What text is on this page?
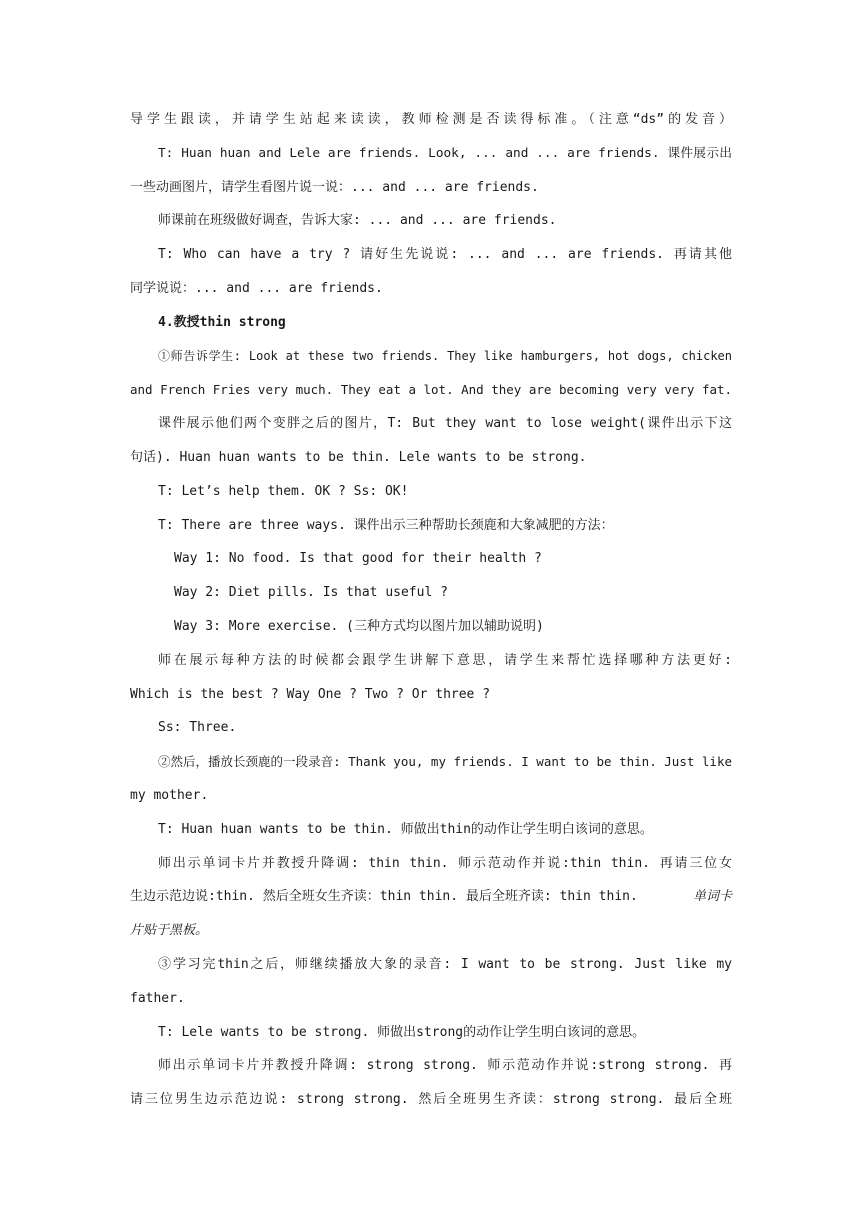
导学生跟读，并请学生站起来读读，教师检测是否读得标准。（注意“ds”的发音）
T: Huan huan and Lele are friends. Look, ... and ... are friends. 课件展示出
一些动画图片，请学生看图片说一说：... and ... are friends.
师课前在班级做好调查，告诉大家: ... and ... are friends.
T: Who can have a try ? 请好生先说说: ... and ... are friends. 再请其他
同学说说：... and ... are friends.
4.教授thin strong
①师告诉学生: Look at these two friends. They like hamburgers, hot dogs, chicken
and French Fries very much. They eat a lot. And they are becoming very very fat.
课件展示他们两个变胖之后的图片，T: But they want to lose weight(课件出示下这
句话). Huan huan wants to be thin. Lele wants to be strong.
T: Let’s help them. OK ? Ss: OK!
T: There are three ways. 课件出示三种帮助长颈鹿和大象减肥的方法：
Way 1: No food. Is that good for their health ?
Way 2: Diet pills. Is that useful ?
Way 3: More exercise. (三种方式均以图片加以辅助说明)
师在展示每种方法的时候都会跟学生讲解下意思，请学生来帮忙选择哪种方法更好:
Which is the best ? Way One ? Two ? Or three ?
Ss: Three.
②然后，播放长颈鹿的一段录音: Thank you, my friends. I want to be thin. Just like
my mother.
T: Huan huan wants to be thin. 师做出thin的动作让学生明白该词的意思。
师出示单词卡片并教授升降调: thin thin. 师示范动作并说:thin thin. 再请三位女
生边示范边说:thin. 然后全班女生齐读：thin thin. 最后全班齐读: thin thin.	单词卡
片贴于黑板。
③学习完thin之后，师继续播放大象的录音: I want to be strong. Just like my
father.
T: Lele wants to be strong. 师做出strong的动作让学生明白该词的意思。
师出示单词卡片并教授升降调: strong strong. 师示范动作并说:strong strong. 再
请三位男生边示范边说: strong strong. 然后全班男生齐读：strong strong. 最后全班
